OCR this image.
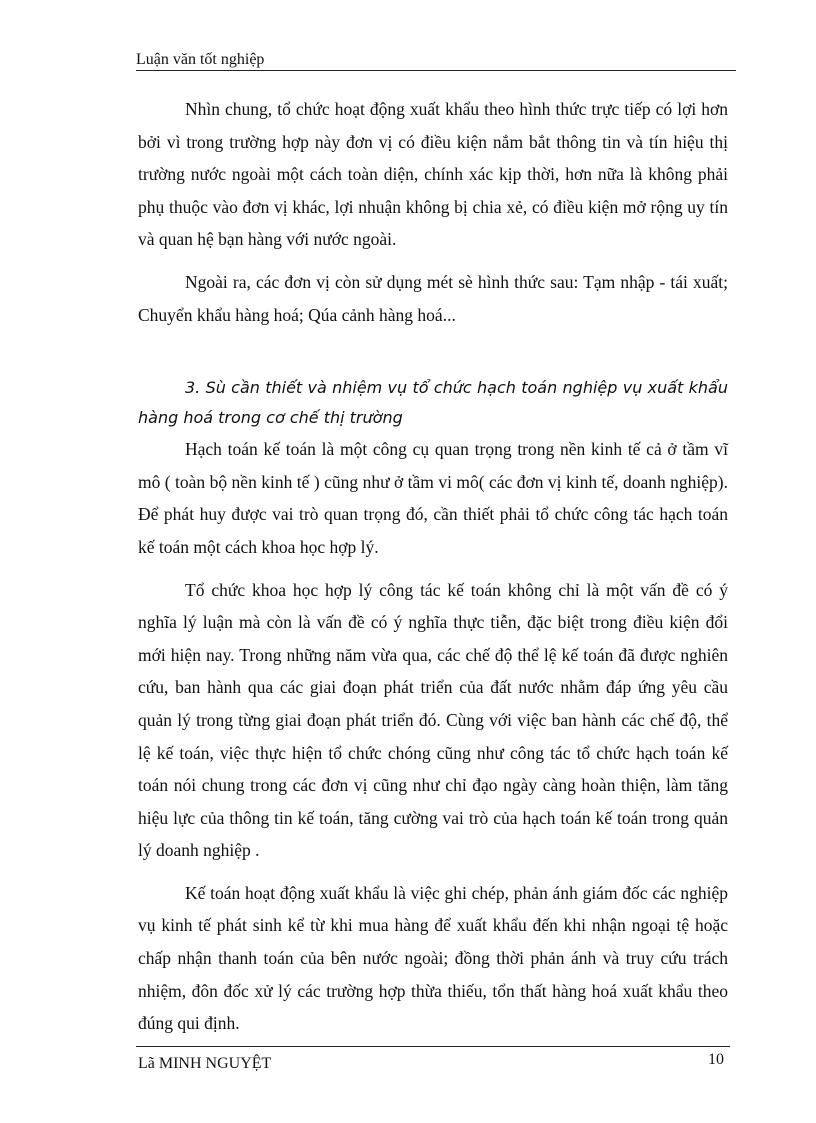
Luận văn tốt nghiệp

Nhìn chung, tổ chức hoạt động xuất khẩu theo hình thức trực tiếp có lợi hơn bởi vì trong trường hợp này đơn vị có điều kiện nắm bắt thông tin và tín hiệu thị trường nước ngoài một cách toàn diện, chính xác kịp thời, hơn nữa là không phải phụ thuộc vào đơn vị khác, lợi nhuận không bị chia xẻ, có điều kiện mở rộng uy tín và quan hệ bạn hàng với nước ngoài.

Ngoài ra, các đơn vị còn sử dụng mét sè hình thức sau: Tạm nhập - tái xuất; Chuyển khẩu hàng hoá; Qúa cảnh hàng hoá...

3. Sù cần thiết và nhiệm vụ tổ chức hạch toán nghiệp vụ xuất khẩu hàng hoá trong cơ chế thị trường

Hạch toán kế toán là một công cụ quan trọng trong nền kinh tế cả ở tầm vĩ mô ( toàn bộ nền kinh tế ) cũng như ở tầm vi mô( các đơn vị kinh tế, doanh nghiệp). Để phát huy được vai trò quan trọng đó, cần thiết phải tổ chức công tác hạch toán kế toán một cách khoa học hợp lý.

Tổ chức khoa học hợp lý công tác kế toán không chỉ là một vấn đề có ý nghĩa lý luận mà còn là vấn đề có ý nghĩa thực tiễn, đặc biệt trong điều kiện đổi mới hiện nay. Trong những năm vừa qua, các chế độ thể lệ kế toán đã được nghiên cứu, ban hành qua các giai đoạn phát triển của đất nước nhằm đáp ứng yêu cầu quản lý trong từng giai đoạn phát triển đó. Cùng với việc ban hành các chế độ, thể lệ kế toán, việc thực hiện tổ chức chóng cũng như công tác tổ chức hạch toán kế toán nói chung trong các đơn vị cũng như chỉ đạo ngày càng hoàn thiện, làm tăng hiệu lực của thông tin kế toán, tăng cường vai trò của hạch toán kế toán trong quản lý doanh nghiệp .

Kế toán hoạt động xuất khẩu là việc ghi chép, phản ánh giám đốc các nghiệp vụ kinh tế phát sinh kể từ khi mua hàng để xuất khẩu đến khi nhận ngoại tệ hoặc chấp nhận thanh toán của bên nước ngoài; đồng thời phản ánh và truy cứu trách nhiệm, đôn đốc xử lý các trường hợp thừa thiếu, tổn thất hàng hoá xuất khẩu theo đúng qui định.

Lã MINH NGUYỆT	10
